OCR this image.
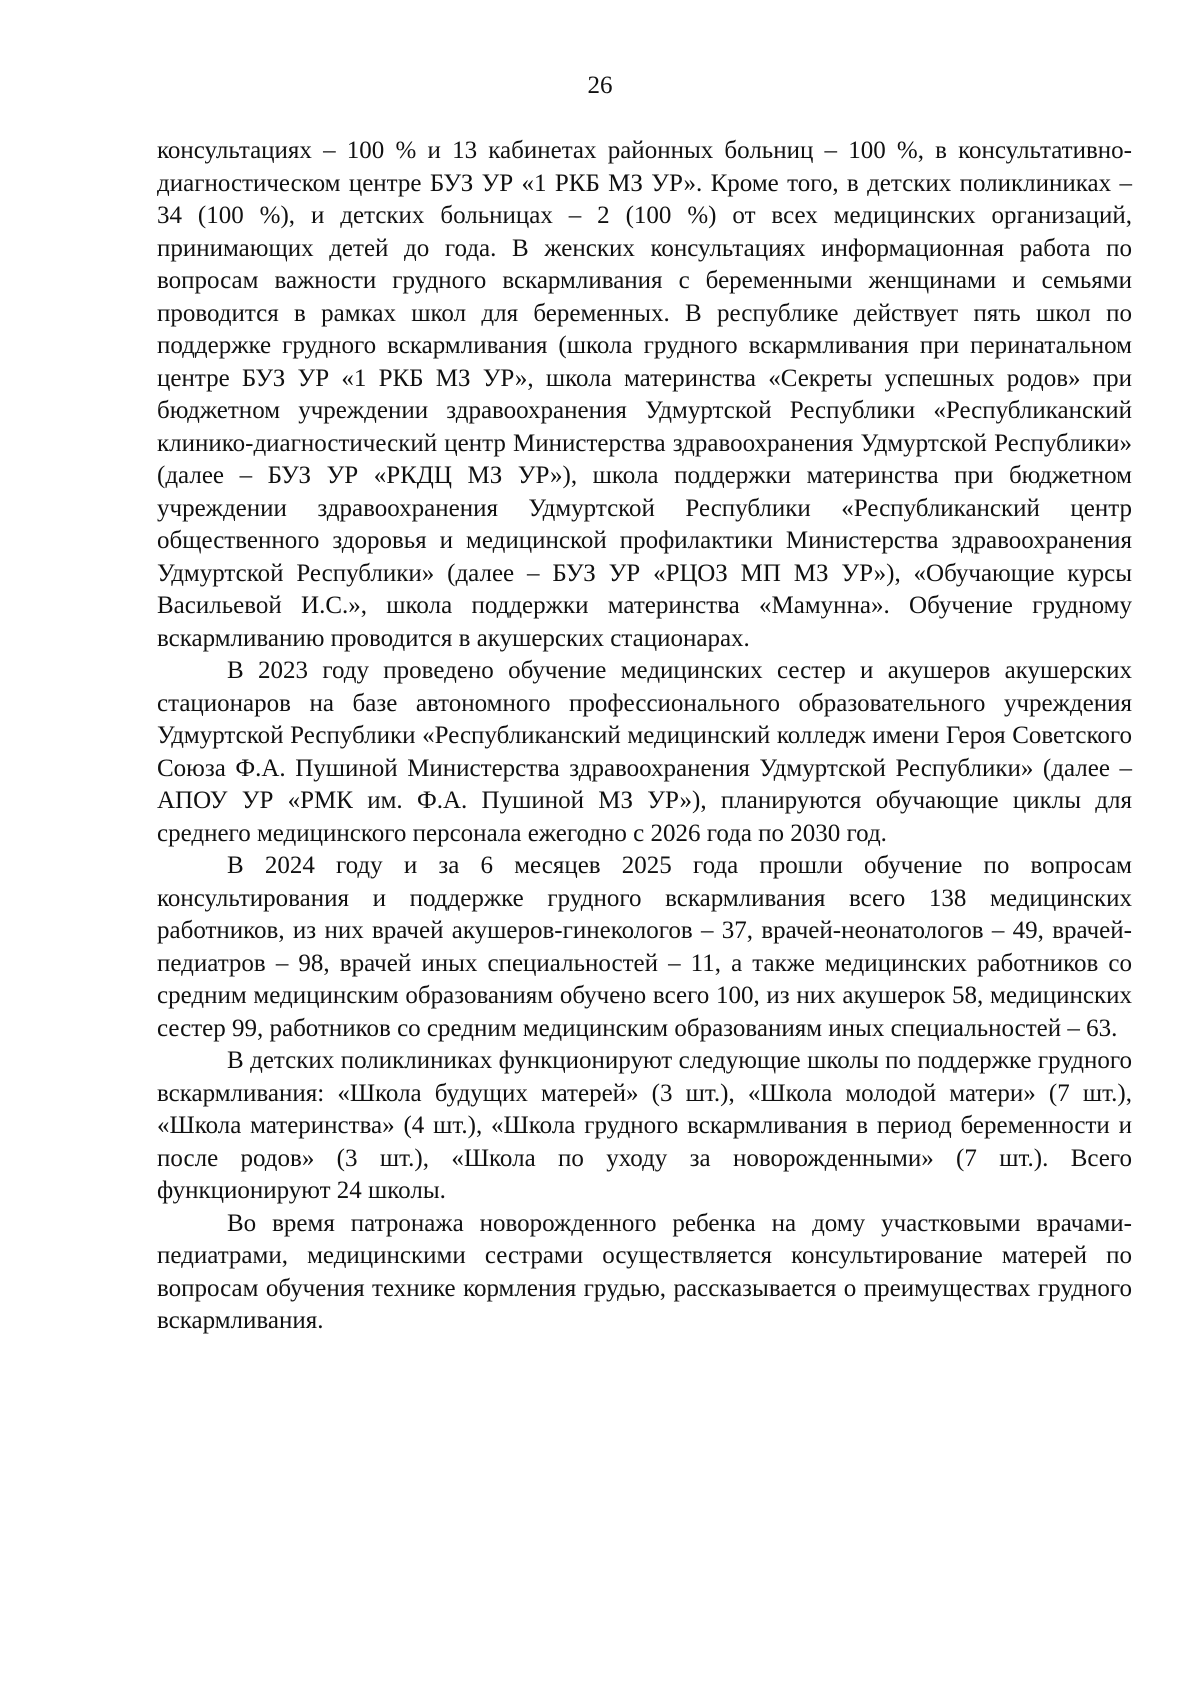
26

консультациях – 100 % и 13 кабинетах районных больниц – 100 %, в консультативно-диагностическом центре БУЗ УР «1 РКБ МЗ УР». Кроме того, в детских поликлиниках – 34 (100 %), и детских больницах – 2 (100 %) от всех медицинских организаций, принимающих детей до года. В женских консультациях информационная работа по вопросам важности грудного вскармливания с беременными женщинами и семьями проводится в рамках школ для беременных. В республике действует пять школ по поддержке грудного вскармливания (школа грудного вскармливания при перинатальном центре БУЗ УР «1 РКБ МЗ УР», школа материнства «Секреты успешных родов» при бюджетном учреждении здравоохранения Удмуртской Республики «Республиканский клинико-диагностический центр Министерства здравоохранения Удмуртской Республики» (далее – БУЗ УР «РКДЦ МЗ УР»), школа поддержки материнства при бюджетном учреждении здравоохранения Удмуртской Республики «Республиканский центр общественного здоровья и медицинской профилактики Министерства здравоохранения Удмуртской Республики» (далее – БУЗ УР «РЦОЗ МП МЗ УР»), «Обучающие курсы Васильевой И.С.», школа поддержки материнства «Мамунна». Обучение грудному вскармливанию проводится в акушерских стационарах.

В 2023 году проведено обучение медицинских сестер и акушеров акушерских стационаров на базе автономного профессионального образовательного учреждения Удмуртской Республики «Республиканский медицинский колледж имени Героя Советского Союза Ф.А. Пушиной Министерства здравоохранения Удмуртской Республики» (далее – АПОУ УР «РМК им. Ф.А. Пушиной МЗ УР»), планируются обучающие циклы для среднего медицинского персонала ежегодно с 2026 года по 2030 год.

В 2024 году и за 6 месяцев 2025 года прошли обучение по вопросам консультирования и поддержке грудного вскармливания всего 138 медицинских работников, из них врачей акушеров-гинекологов – 37, врачей-неонатологов – 49, врачей-педиатров – 98, врачей иных специальностей – 11, а также медицинских работников со средним медицинским образованиям обучено всего 100, из них акушерок 58, медицинских сестер 99, работников со средним медицинским образованиям иных специальностей – 63.

В детских поликлиниках функционируют следующие школы по поддержке грудного вскармливания: «Школа будущих матерей» (3 шт.), «Школа молодой матери» (7 шт.), «Школа материнства» (4 шт.), «Школа грудного вскармливания в период беременности и после родов» (3 шт.), «Школа по уходу за новорожденными» (7 шт.). Всего функционируют 24 школы.

Во время патронажа новорожденного ребенка на дому участковыми врачами-педиатрами, медицинскими сестрами осуществляется консультирование матерей по вопросам обучения технике кормления грудью, рассказывается о преимуществах грудного вскармливания.
